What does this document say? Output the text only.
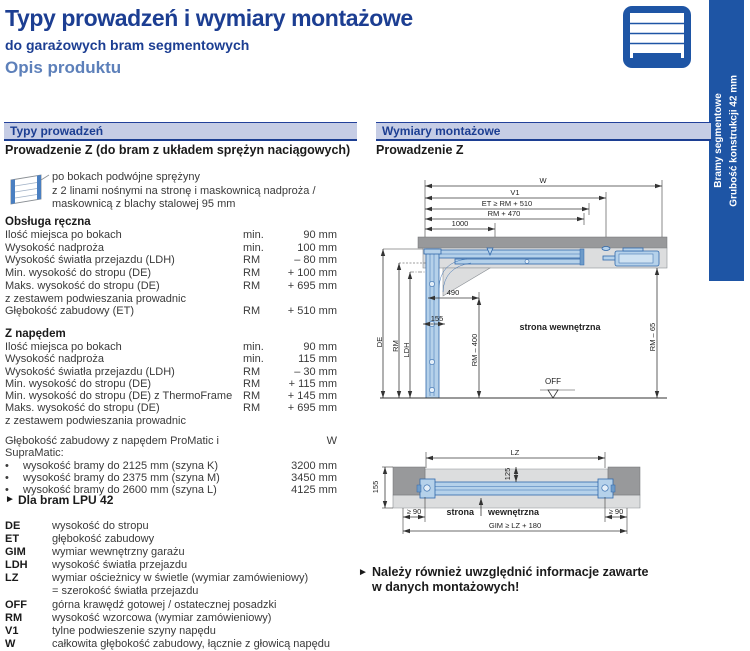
Typy prowadzeń i wymiary montażowe
do garażowych bram segmentowych
Opis produktu
Bramy segmentowe Grubość konstrukcji 42 mm
Typy prowadzeń	Wymiary montażowe
Prowadzenie Z (do bram z układem sprężyn naciągowych)
po bokach podwójne sprężyny
z 2 linami nośnymi na stronę i maskownicą nadproża /
maskownicą z blachy stalowej 95 mm
Obsługa ręczna
Ilość miejsca po bokach	min.	90 mm
Wysokość nadproża	min.	100 mm
Wysokość światła przejazdu (LDH)	RM	– 80 mm
Min. wysokość do stropu (DE)	RM	+ 100 mm
Maks. wysokość do stropu (DE)	RM	+ 695 mm
z zestawem podwieszania prowadnic
Głębokość zabudowy (ET)	RM	+ 510 mm
Z napędem
Ilość miejsca po bokach	min.	90 mm
Wysokość nadproża	min.	115 mm
Wysokość światła przejazdu (LDH)	RM	– 30 mm
Min. wysokość do stropu (DE)	RM	+ 115 mm
Min. wysokość do stropu (DE) z ThermoFrame RM	+ 145 mm
Maks. wysokość do stropu (DE)	RM	+ 695 mm
z zestawem podwieszania prowadnic
Głębokość zabudowy z napędem ProMatic i SupraMatic:
W
•	wysokość bramy do 2125 mm (szyna K)	3200 mm
•	wysokość bramy do 2375 mm (szyna M)	3450 mm
•	wysokość bramy do 2600 mm (szyna L)	4125 mm
► Dla bram LPU 42
DE	wysokość do stropu
ET	głębokość zabudowy
GIM	wymiar wewnętrzny garażu
LDH	wysokość światła przejazdu
LZ	wymiar ościeżnicy w świetle (wymiar zamówieniowy)
= szerokość światła przejazdu
OFF	górna krawędź gotowej / ostatecznej posadzki
RM	wysokość wzorcowa (wymiar zamówieniowy)
V1	tylne podwieszenie szyny napędu
W	całkowita głębokość zabudowy, łącznie z głowicą napędu
Prowadzenie Z
W
V1
ET ≥ RM + 510
RM + 470
1000
490
155
DE RM LDH	RM – 400	RM – 65
strona wewnętrzna
OFF
LZ
125
155
≥ 90	≥ 90
GIM ≥ LZ + 180
strona wewnętrzna
► Należy również uwzględnić informacje zawarte
w danych montażowych!
